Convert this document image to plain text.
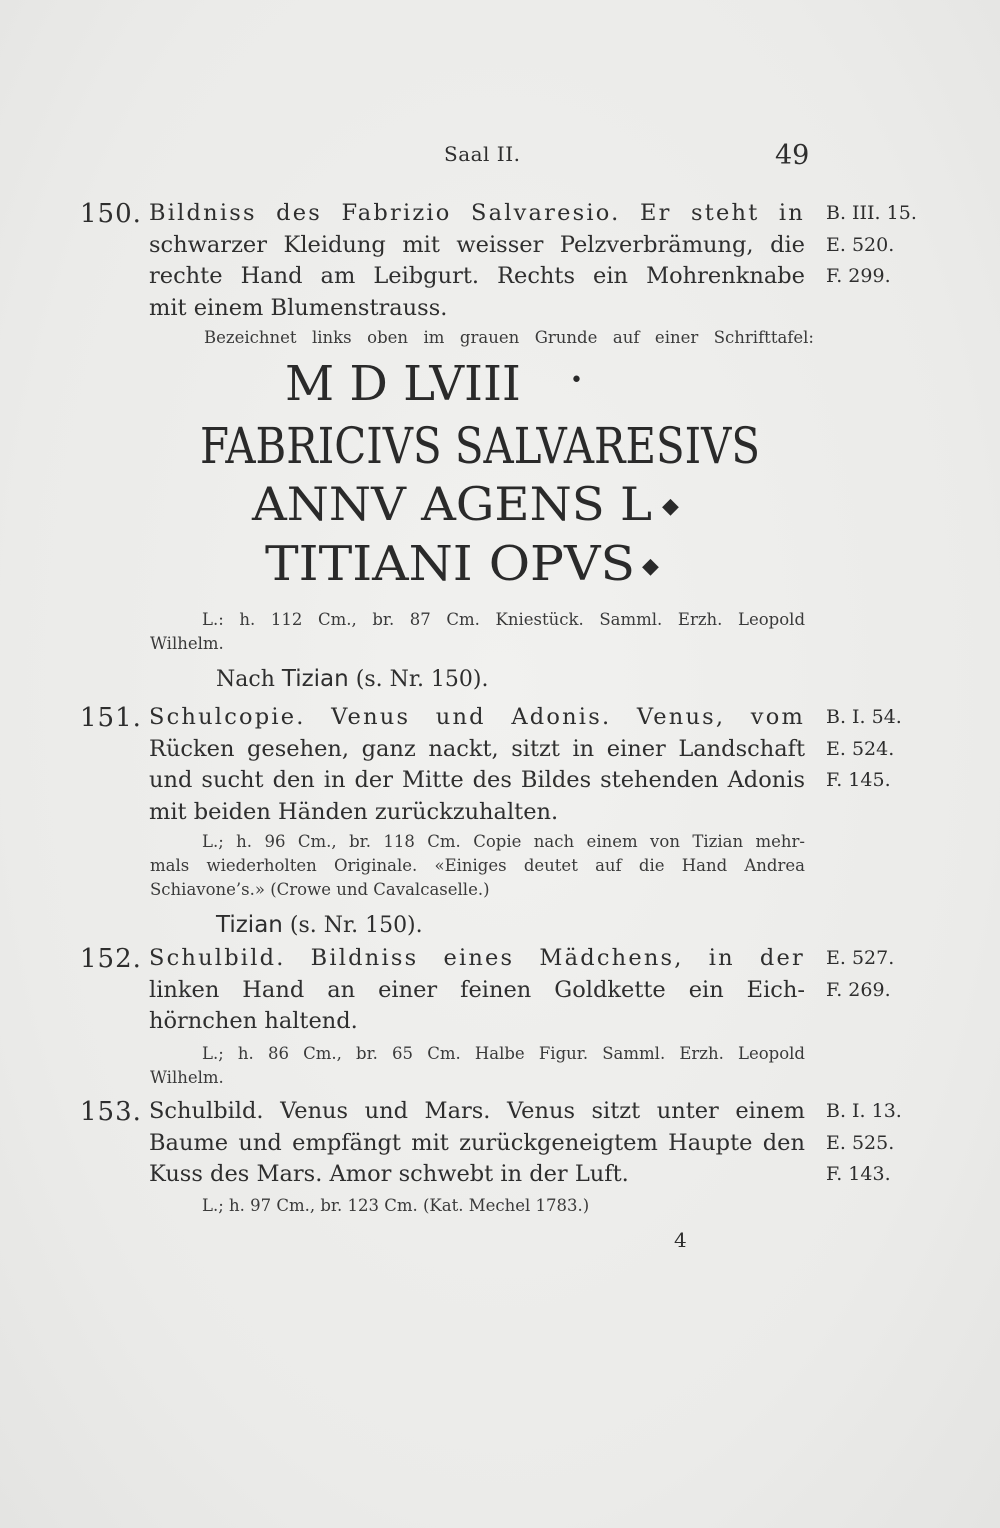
Saal II.	49
150. Bildniss des Fabrizio Salvaresio. Er steht in
schwarzer Kleidung mit weisser Pelzverbrämung, die
rechte Hand am Leibgurt. Rechts ein Mohrenknabe
mit einem Blumenstrauss.
B. III. 15.
E. 520.
F. 299.
Bezeichnet links oben im grauen Grunde auf einer Schrifttafel:
M D LVIII •
FABRICIVS SALVARESIVS
ANNV AGENS L ◆
TITIANI OPVS ◆
L.: h. 112 Cm., br. 87 Cm. Kniestück. Samml. Erzh. Leopold
Wilhelm.
Nach Tizian (s. Nr. 150).
151. Schulcopie. Venus und Adonis. Venus, vom
Rücken gesehen, ganz nackt, sitzt in einer Landschaft
und sucht den in der Mitte des Bildes stehenden Adonis
mit beiden Händen zurückzuhalten.
B. I. 54.
E. 524.
F. 145.
L.; h. 96 Cm., br. 118 Cm. Copie nach einem von Tizian mehr-
mals wiederholten Originale. «Einiges deutet auf die Hand Andrea
Schiavone’s.» (Crowe und Cavalcaselle.)
Tizian (s. Nr. 150).
152. Schulbild. Bildniss eines Mädchens, in der
linken Hand an einer feinen Goldkette ein Eich-
hörnchen haltend.
E. 527.
F. 269.
L.; h. 86 Cm., br. 65 Cm. Halbe Figur. Samml. Erzh. Leopold
Wilhelm.
153. Schulbild. Venus und Mars. Venus sitzt unter einem
Baume und empfängt mit zurückgeneigtem Haupte den
Kuss des Mars. Amor schwebt in der Luft.
B. I. 13.
E. 525.
F. 143.
L.; h. 97 Cm., br. 123 Cm. (Kat. Mechel 1783.)
4
